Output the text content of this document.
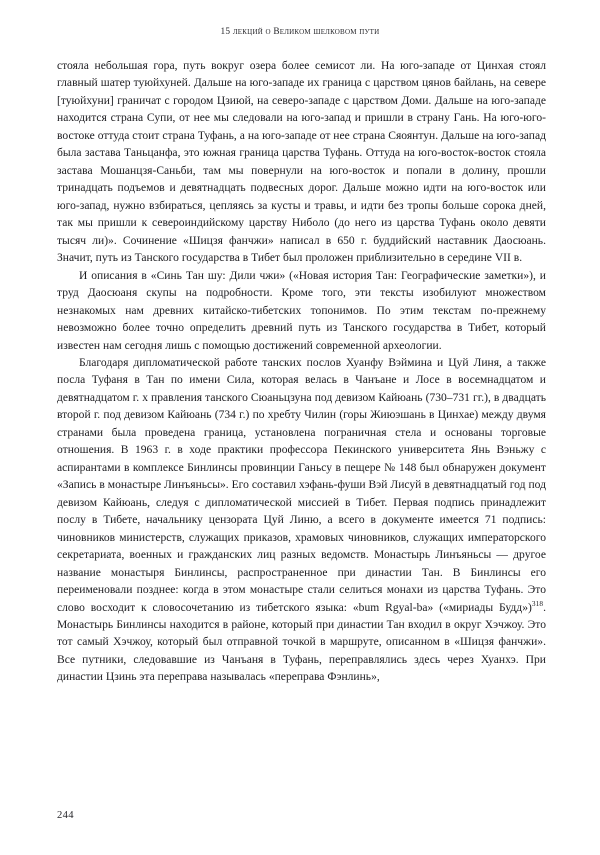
15 лекций о Великом шелковом пути

стояла небольшая гора, путь вокруг озера более семисот ли. На юго-западе от Цинхая стоял главный шатер туюйхуней. Дальше на юго-западе их граница с царством цянов байлань, на севере [туюйхуни] граничат с городом Цзиюй, на северо-западе с царством Доми. Дальше на юго-западе находится страна Супи, от нее мы следовали на юго-запад и пришли в страну Гань. На юго-юго-востоке оттуда стоит страна Туфань, а на юго-западе от нее страна Сяоянтун. Дальше на юго-запад была застава Таньцанфа, это южная граница царства Туфань. Оттуда на юго-восток-восток стояла застава Мошанцзя-Саньби, там мы повернули на юго-восток и попали в долину, прошли тринадцать подъемов и девятнадцать подвесных дорог. Дальше можно идти на юго-восток или юго-запад, нужно взбираться, цепляясь за кусты и травы, и идти без тропы больше сорока дней, так мы пришли к североиндийскому царству Ниболо (до него из царства Туфань около девяти тысяч ли)». Сочинение «Шицзя фанчжи» написал в 650 г. буддийский наставник Даосюань. Значит, путь из Танского государства в Тибет был проложен приблизительно в середине VII в.

И описания в «Синь Тан шу: Дили чжи» («Новая история Тан: Географические заметки»), и труд Даосюаня скупы на подробности. Кроме того, эти тексты изобилуют множеством незнакомых нам древних китайско-тибетских топонимов. По этим текстам по-прежнему невозможно более точно определить древний путь из Танского государства в Тибет, который известен нам сегодня лишь с помощью достижений современной археологии.

Благодаря дипломатической работе танских послов Хуанфу Вэймина и Цуй Линя, а также посла Туфаня в Тан по имени Сила, которая велась в Чанъане и Лосе в восемнадцатом и девятнадцатом г. х правления танского Сюаньцзуна под девизом Кайюань (730–731 гг.), в двадцать второй г. под девизом Кайюань (734 г.) по хребту Чилин (горы Жиюэшань в Цинхае) между двумя странами была проведена граница, установлена пограничная стела и основаны торговые отношения. В 1963 г. в ходе практики профессора Пекинского университета Янь Вэньжу с аспирантами в комплексе Бинлинсы провинции Ганьсу в пещере № 148 был обнаружен документ «Запись в монастыре Линъяньсы». Его составил хэфань-фуши Вэй Лисуй в девятнадцатый год под девизом Кайюань, следуя с дипломатической миссией в Тибет. Первая подпись принадлежит послу в Тибете, начальнику цензората Цуй Линю, а всего в документе имеется 71 подпись: чиновников министерств, служащих приказов, храмовых чиновников, служащих императорского секретариата, военных и гражданских лиц разных ведомств. Монастырь Линъяньсы — другое название монастыря Бинлинсы, распространенное при династии Тан. В Бинлинсы его переименовали позднее: когда в этом монастыре стали селиться монахи из царства Туфань. Это слово восходит к словосочетанию из тибетского языка: «bum Rgyal-ba» («мириады Будд»)$^{318}$. Монастырь Бинлинсы находится в районе, который при династии Тан входил в округ Хэчжоу. Это тот самый Хэчжоу, который был отправной точкой в маршруте, описанном в «Шицзя фанчжи». Все путники, следовавшие из Чанъаня в Туфань, переправлялись здесь через Хуанхэ. При династии Цзинь эта переправа называлась «переправа Фэнлинь»,

244
